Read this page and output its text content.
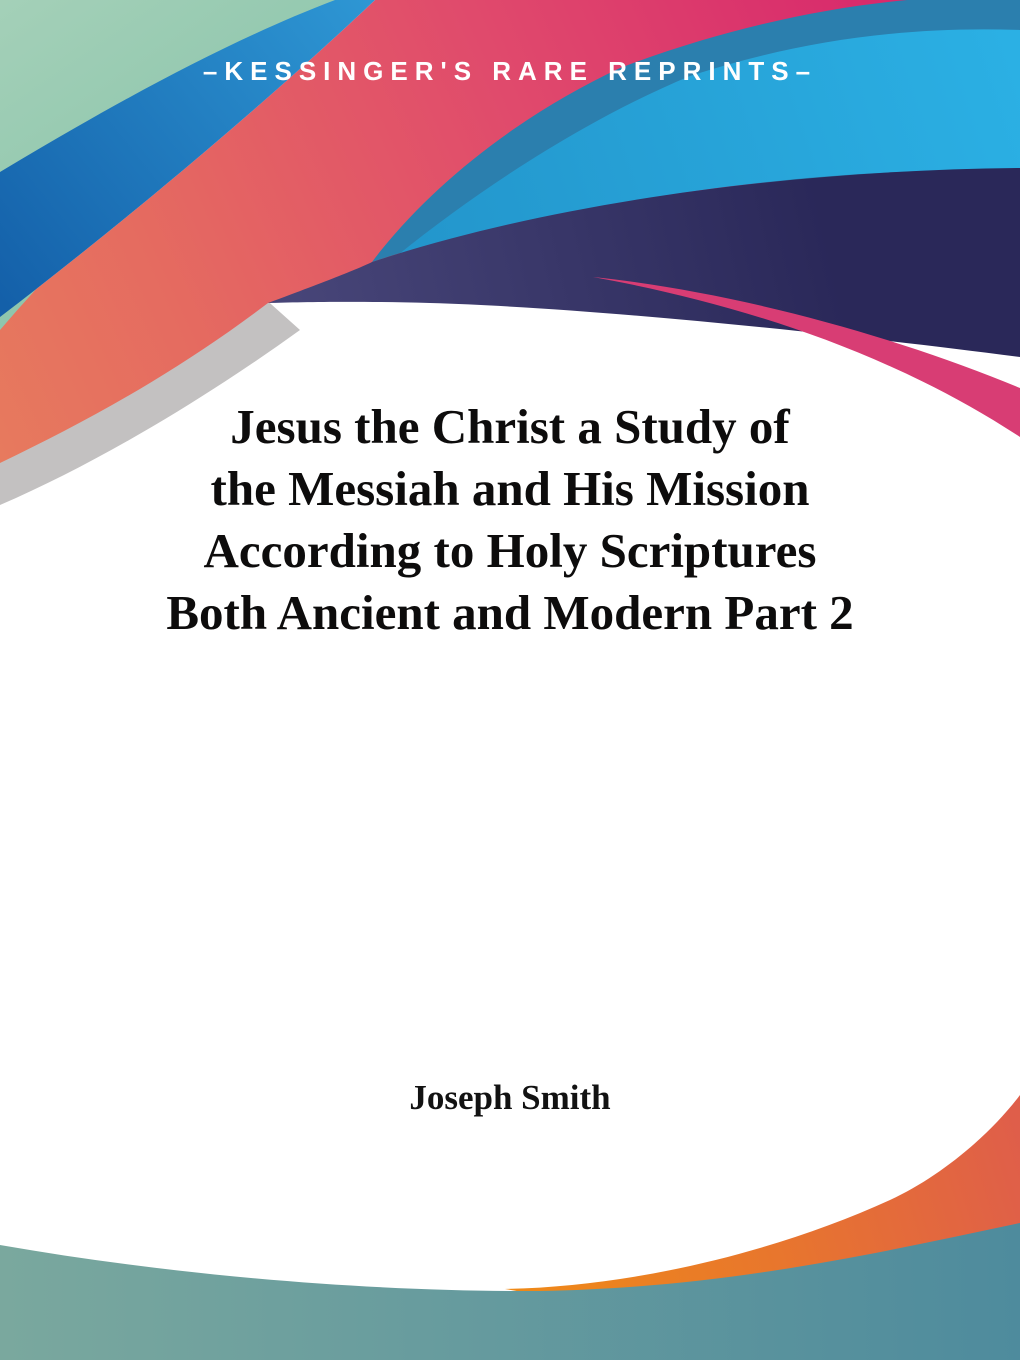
–KESSINGER'S RARE REPRINTS–
Jesus the Christ a Study of
the Messiah and His Mission
According to Holy Scriptures
Both Ancient and Modern Part 2
Joseph Smith
